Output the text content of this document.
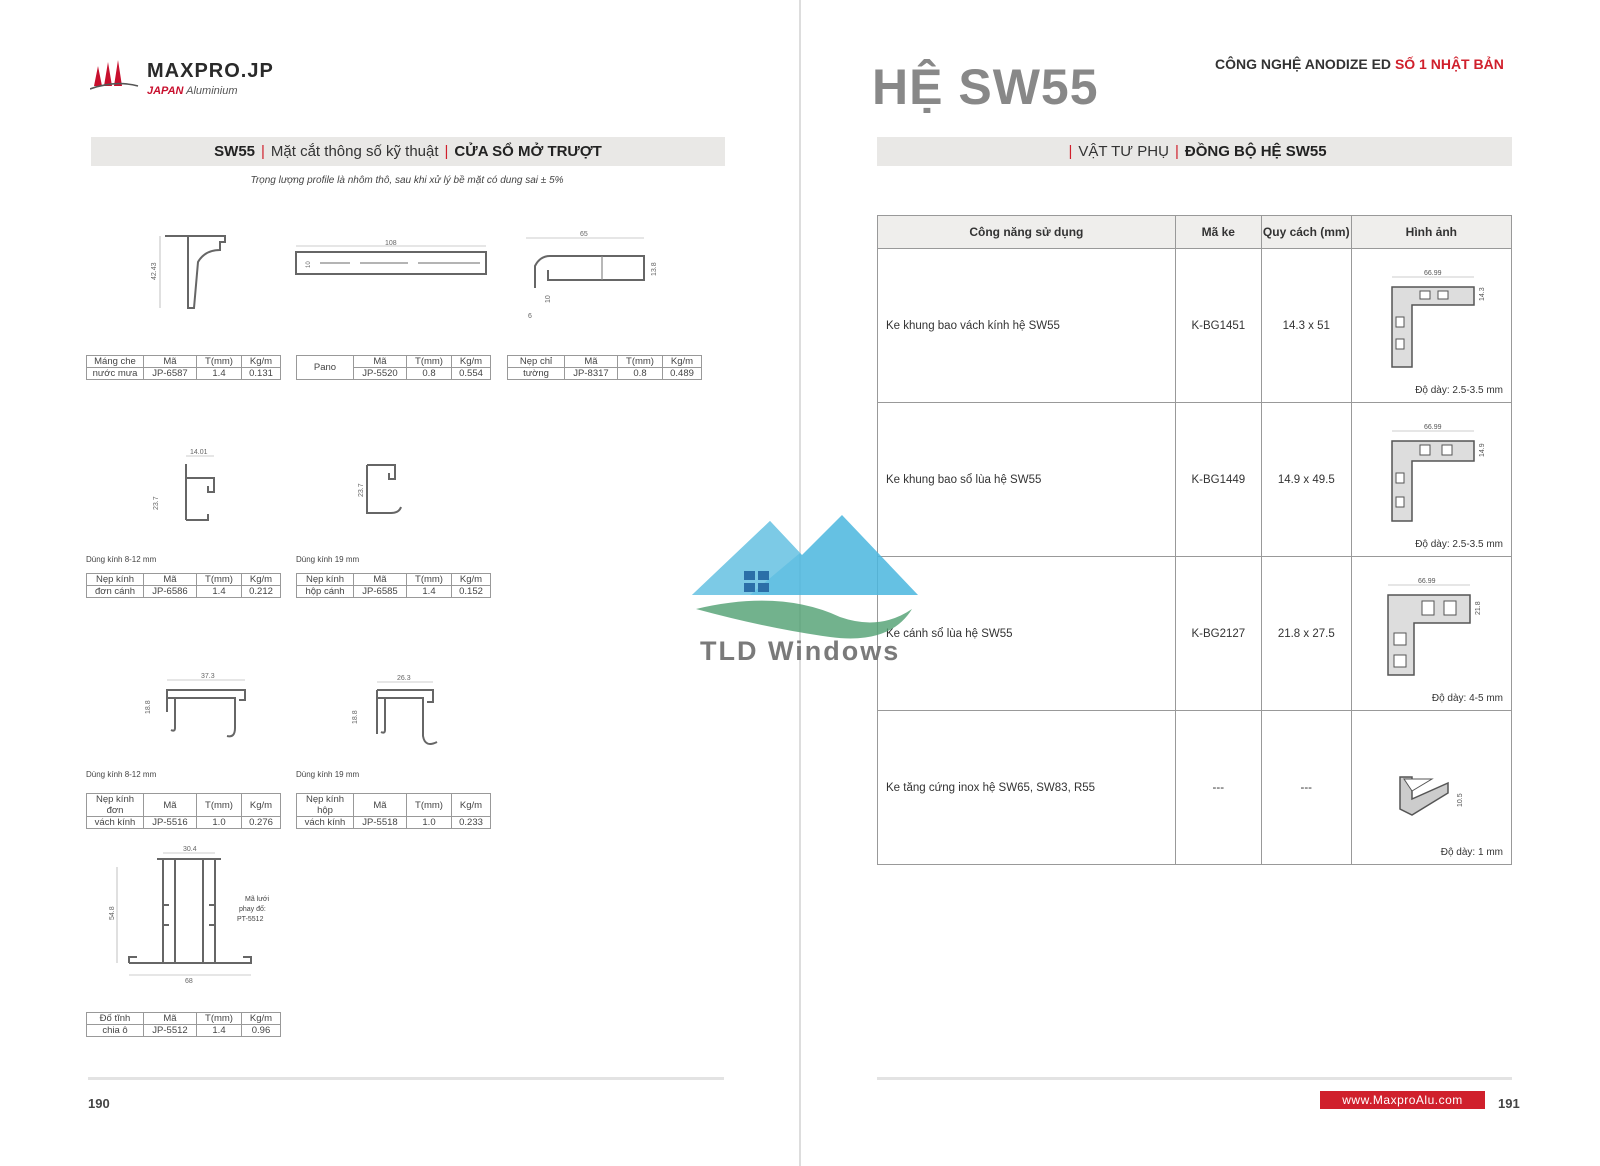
MAXPRO.JP
JAPAN Aluminium
SW55 | Mặt cắt thông số kỹ thuật | CỬA SỔ MỞ TRƯỢT
Trọng lượng profile là nhôm thô, sau khi xử lý bề mặt có dung sai ± 5%
42.43
Máng che	Mã	T(mm)	Kg/m
nước mưa	JP-6587	1.4	0.131
108
10
Pano	Mã	T(mm)	Kg/m
	JP-5520	0.8	0.554
65
13.8
10
6
Nẹp chỉ	Mã	T(mm)	Kg/m
tường	JP-8317	0.8	0.489
14.01
23.7
Dùng kính 8-12 mm
Nẹp kính	Mã	T(mm)	Kg/m
đơn cánh	JP-6586	1.4	0.212
23.7
Dùng kính 19 mm
Nẹp kính	Mã	T(mm)	Kg/m
hộp cánh	JP-6585	1.4	0.152
37.3
18.8
Dùng kính 8-12 mm
Nẹp kính đơn	Mã	T(mm)	Kg/m
vách kính	JP-5516	1.0	0.276
26.3
18.8
Dùng kính 19 mm
Nẹp kính hộp	Mã	T(mm)	Kg/m
vách kính	JP-5518	1.0	0.233
30.4
54.8
68
Mã lưới
phay đố:
PT-5512
Đố tĩnh	Mã	T(mm)	Kg/m
chia ô	JP-5512	1.4	0.96
190
HỆ SW55	CÔNG NGHỆ ANODIZE ED SỐ 1 NHẬT BẢN
| VẬT TƯ PHỤ | ĐỒNG BỘ HỆ SW55
Công năng sử dụng	Mã ke	Quy cách (mm)	Hình ảnh
Ke khung bao vách kính hệ SW55	K-BG1451	14.3 x 51	66.99
14.3
Độ dày: 2.5-3.5 mm

Ke khung bao sổ lùa hệ SW55	K-BG1449	14.9 x 49.5	66.99
14.9
Độ dày: 2.5-3.5 mm

Ke cánh sổ lùa hệ SW55	K-BG2127	21.8 x 27.5	66.99
21.8
Độ dày: 4-5 mm

Ke tăng cứng inox hệ SW65, SW83, R55	---	---	10.5
Độ dày: 1 mm
www.MaxproAlu.com	191
TLD Windows
